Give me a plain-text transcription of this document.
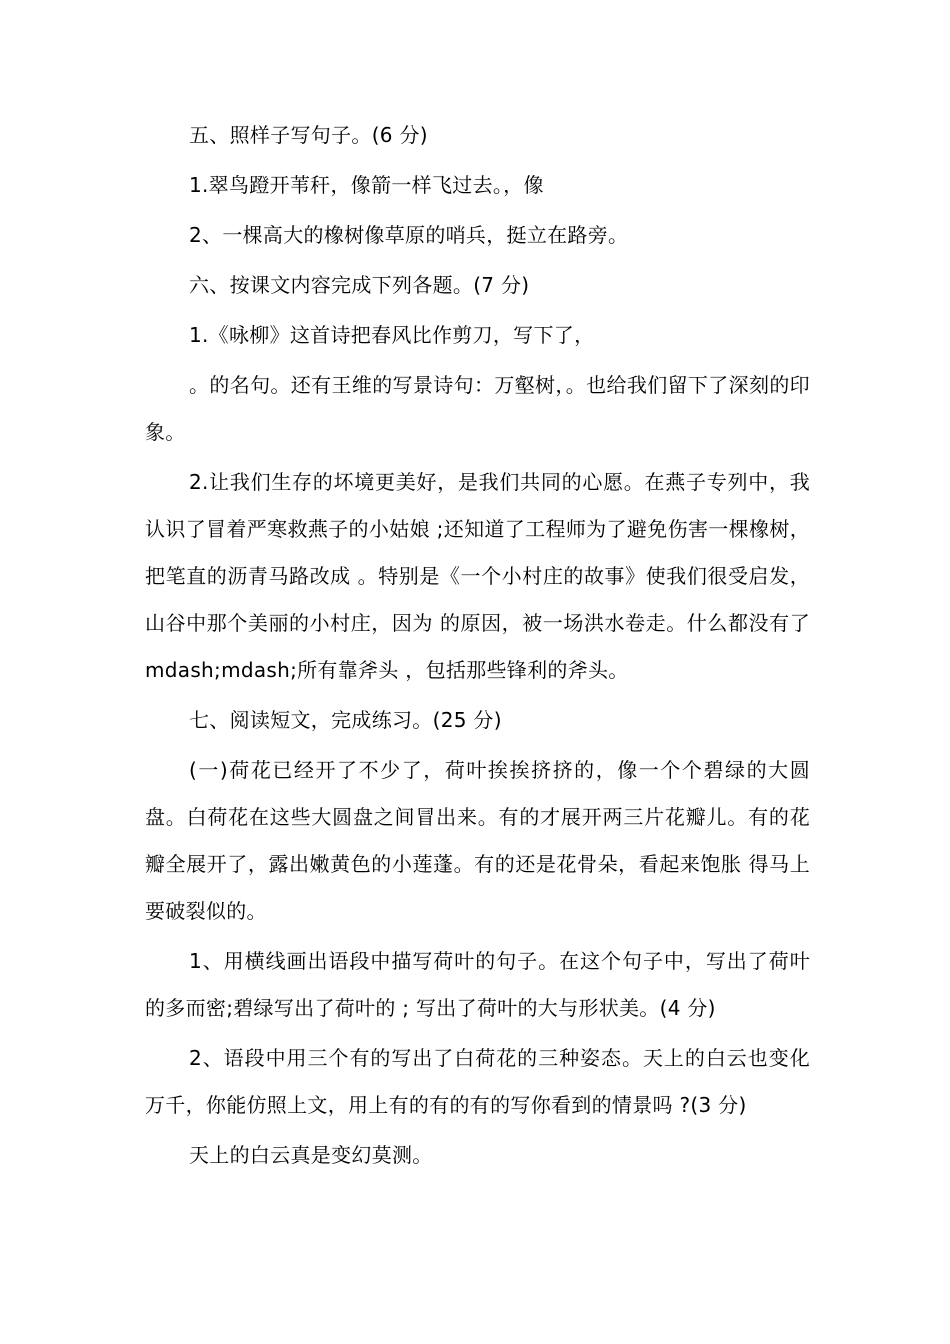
五、照样子写句子。(6 分)

1.翠鸟蹬开苇秆，像箭一样飞过去。，像

2、一棵高大的橡树像草原的哨兵，挺立在路旁。

六、按课文内容完成下列各题。(7 分)

1.《咏柳》这首诗把春风比作剪刀，写下了，

。的名句。还有王维的写景诗句：万壑树，。也给我们留下了深刻的印象。

2.让我们生存的坏境更美好，是我们共同的心愿。在燕子专列中，我认识了冒着严寒救燕子的小姑娘 ;还知道了工程师为了避免伤害一棵橡树，把笔直的沥青马路改成 。特别是《一个小村庄的故事》使我们很受启发，山谷中那个美丽的小村庄，因为 的原因，被一场洪水卷走。什么都没有了 mdash;mdash;所有靠斧头 ，包括那些锋利的斧头。

七、阅读短文，完成练习。(25 分)

(一)荷花已经开了不少了，荷叶挨挨挤挤的，像一个个碧绿的大圆盘。白荷花在这些大圆盘之间冒出来。有的才展开两三片花瓣儿。有的花瓣全展开了，露出嫩黄色的小莲蓬。有的还是花骨朵，看起来饱胀 得马上要破裂似的。

1、用横线画出语段中描写荷叶的句子。在这个句子中，写出了荷叶的多而密;碧绿写出了荷叶的 ; 写出了荷叶的大与形状美。(4 分)

2、语段中用三个有的写出了白荷花的三种姿态。天上的白云也变化万千，你能仿照上文，用上有的有的有的写你看到的情景吗 ?(3 分)

天上的白云真是变幻莫测。
